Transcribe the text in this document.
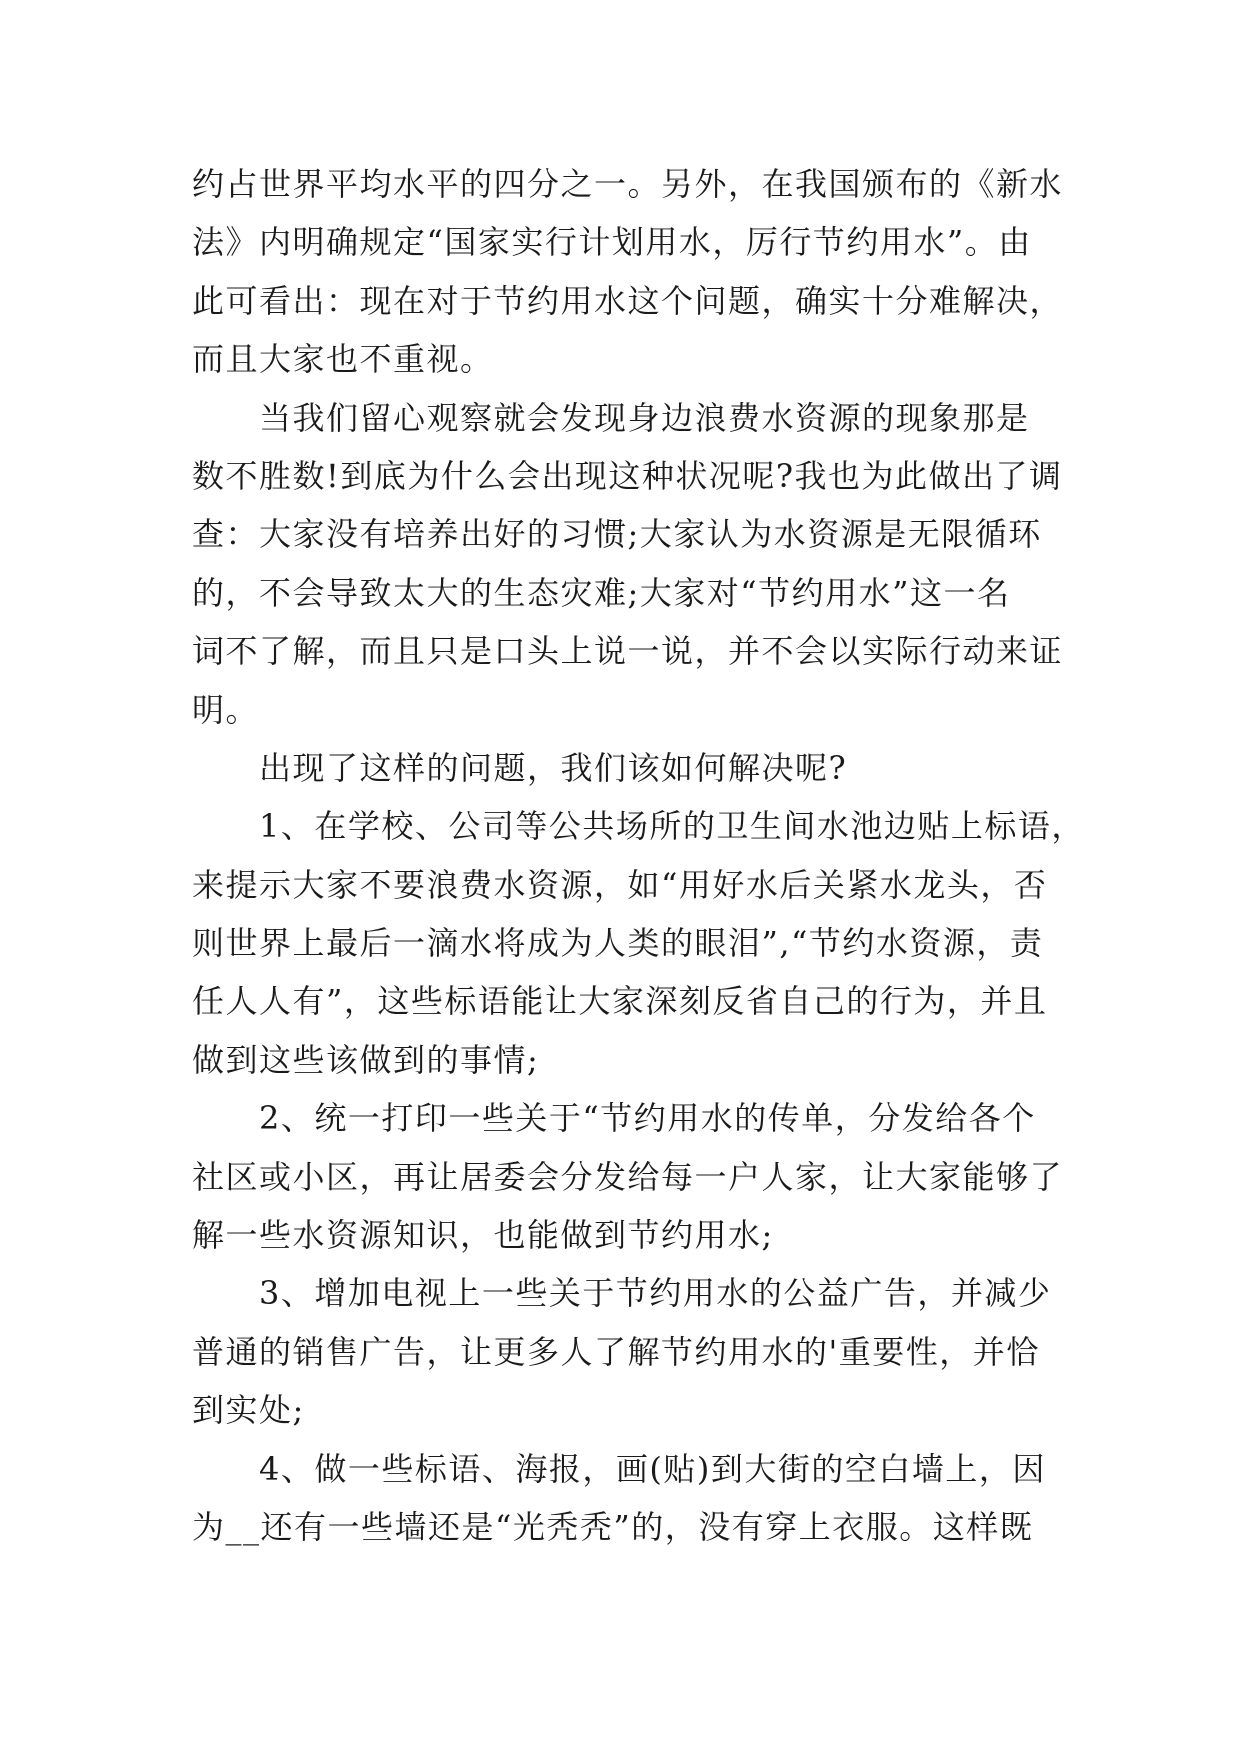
约占世界平均水平的四分之一。另外，在我国颁布的《新水
法》内明确规定“国家实行计划用水，厉行节约用水”。由
此可看出：现在对于节约用水这个问题，确实十分难解决，
而且大家也不重视。
　　当我们留心观察就会发现身边浪费水资源的现象那是
数不胜数!到底为什么会出现这种状况呢?我也为此做出了调
查：大家没有培养出好的习惯;大家认为水资源是无限循环
的，不会导致太大的生态灾难;大家对“节约用水”这一名
词不了解，而且只是口头上说一说，并不会以实际行动来证
明。
　　出现了这样的问题，我们该如何解决呢?
　　1、在学校、公司等公共场所的卫生间水池边贴上标语，
来提示大家不要浪费水资源，如“用好水后关紧水龙头，否
则世界上最后一滴水将成为人类的眼泪”,“节约水资源，责
任人人有”，这些标语能让大家深刻反省自己的行为，并且
做到这些该做到的事情;
　　2、统一打印一些关于“节约用水的传单，分发给各个
社区或小区，再让居委会分发给每一户人家，让大家能够了
解一些水资源知识，也能做到节约用水;
　　3、增加电视上一些关于节约用水的公益广告，并减少
普通的销售广告，让更多人了解节约用水的'重要性，并恰
到实处;
　　4、做一些标语、海报，画(贴)到大街的空白墙上，因
为__还有一些墙还是“光秃秃”的，没有穿上衣服。这样既
